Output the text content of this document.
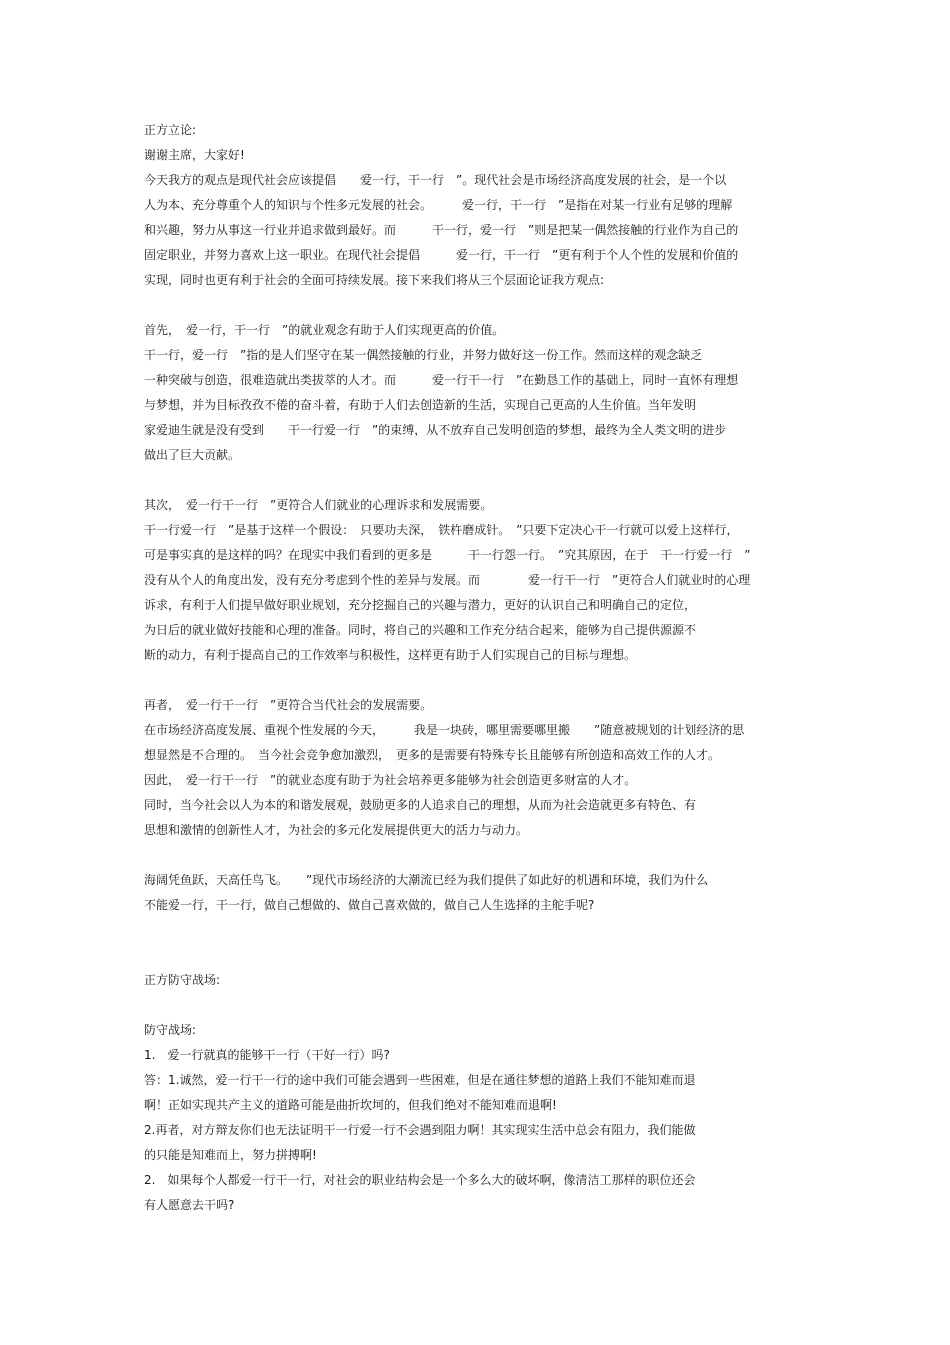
正方立论:
谢谢主席，大家好!
今天我方的观点是现代社会应该提倡　　爱一行，干一行　”。现代社会是市场经济高度发展的社会，是一个以
人为本、充分尊重个人的知识与个性多元发展的社会。　　　爱一行，干一行　”是指在对某一行业有足够的理解
和兴趣，努力从事这一行业并追求做到最好。而　　　干一行，爱一行　”则是把某一偶然接触的行业作为自己的
固定职业，并努力喜欢上这一职业。在现代社会提倡　　　爱一行，干一行　”更有利于个人个性的发展和价值的
实现，同时也更有利于社会的全面可持续发展。接下来我们将从三个层面论证我方观点:
首先，　爱一行，干一行　”的就业观念有助于人们实现更高的价值。
干一行，爱一行　”指的是人们坚守在某一偶然接触的行业，并努力做好这一份工作。然而这样的观念缺乏
一种突破与创造，很难造就出类拔萃的人才。而　　　爱一行干一行　”在勤恳工作的基础上，同时一直怀有理想
与梦想，并为目标孜孜不倦的奋斗着，有助于人们去创造新的生活，实现自己更高的人生价值。当年发明
家爱迪生就是没有受到　　干一行爱一行　”的束缚，从不放弃自己发明创造的梦想，最终为全人类文明的进步
做出了巨大贡献。
其次，　爱一行干一行　”更符合人们就业的心理诉求和发展需要。
干一行爱一行　”是基于这样一个假设：　只要功夫深，　铁杵磨成针。　”只要下定决心干一行就可以爱上这样行，
可是事实真的是这样的吗？在现实中我们看到的更多是　　　干一行怨一行。　”究其原因，在于　干一行爱一行　”
没有从个人的角度出发，没有充分考虑到个性的差异与发展。而　　　　爱一行干一行　”更符合人们就业时的心理
诉求，有利于人们提早做好职业规划，充分挖掘自己的兴趣与潜力，更好的认识自己和明确自己的定位，
为日后的就业做好技能和心理的准备。同时，将自己的兴趣和工作充分结合起来，能够为自己提供源源不
断的动力，有利于提高自己的工作效率与积极性，这样更有助于人们实现自己的目标与理想。
再者，　爱一行干一行　”更符合当代社会的发展需要。
在市场经济高度发展、重视个性发展的今天，　　　我是一块砖，哪里需要哪里搬　　”随意被规划的计划经济的思
想显然是不合理的。　当今社会竞争愈加激烈，　更多的是需要有特殊专长且能够有所创造和高效工作的人才。
因此，　爱一行干一行　”的就业态度有助于为社会培养更多能够为社会创造更多财富的人才。
同时，当今社会以人为本的和谐发展观，鼓励更多的人追求自己的理想，从而为社会造就更多有特色、有
思想和激情的创新性人才，为社会的多元化发展提供更大的活力与动力。
海阔凭鱼跃，天高任鸟飞。　　”现代市场经济的大潮流已经为我们提供了如此好的机遇和环境，我们为什么
不能爱一行，干一行，做自己想做的、做自己喜欢做的，做自己人生选择的主舵手呢?
正方防守战场:
防守战场:
1.　爱一行就真的能够干一行（干好一行）吗?
答：1.诚然，爱一行干一行的途中我们可能会遇到一些困难，但是在通往梦想的道路上我们不能知难而退
啊！正如实现共产主义的道路可能是曲折坎坷的，但我们绝对不能知难而退啊!
2.再者，对方辩友你们也无法证明干一行爱一行不会遇到阻力啊！其实现实生活中总会有阻力，我们能做
的只能是知难而上，努力拼搏啊!
2.　如果每个人都爱一行干一行，对社会的职业结构会是一个多么大的破坏啊，像清洁工那样的职位还会
有人愿意去干吗?
